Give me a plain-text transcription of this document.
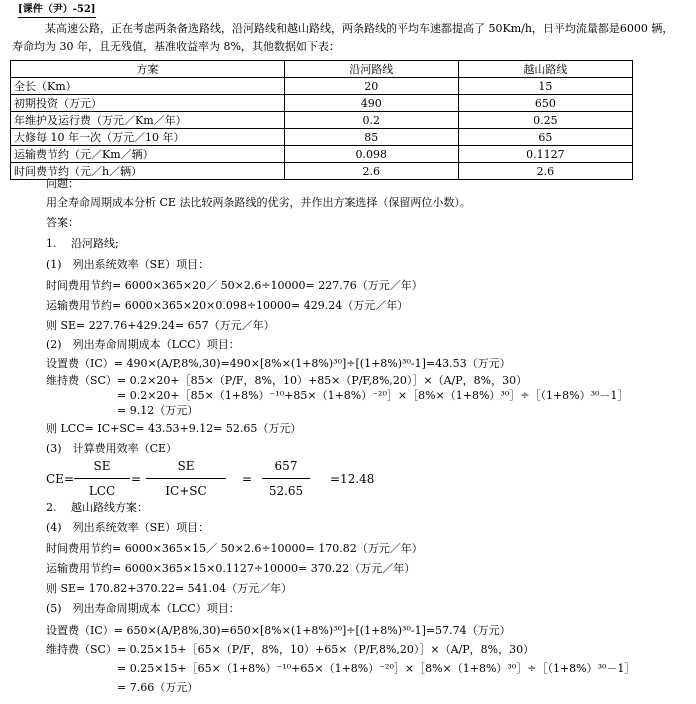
[课件（尹）-52]
某高速公路，正在考虑两条备选路线，沿河路线和越山路线，两条路线的平均车速都提高了 50Km/h，日平均流量都是6000 辆，寿命均为 30 年，且无残值，基准收益率为 8%，其他数据如下表：
方案	沿河路线	越山路线
全长（Km）	20	15
初期投资（万元）	490	650
年维护及运行费（万元／Km／年）	0.2	0.25
大修每 10 年一次（万元／10 年）	85	65
运输费节约（元／Km／辆）	0.098	0.1127
时间费节约（元／h／辆）	2.6	2.6
问题：
用全寿命周期成本分析 CE 法比较两条路线的优劣，并作出方案选择（保留两位小数）。
答案：
1.　 沿河路线;
(1)　列出系统效率（SE）项目：
时间费用节约= 6000×365×20／ 50×2.6÷10000= 227.76（万元／年）
运输费用节约= 6000×365×20×0.098÷10000= 429.24（万元／年）
则 SE= 227.76+429.24= 657（万元／年）
(2)　列出寿命周期成本（LCC）项目：
设置费（IC）= 490×(A/P,8%,30)=490×[8%×(1+8%)³⁰]÷[(1+8%)³⁰-1]=43.53（万元）
维持费（SC）= 0.2×20+［85×（P/F，8%，10）+85×（P/F,8%,20）］×（A/P，8%，30）
= 0.2×20+［85×（1+8%）⁻¹⁰+85×（1+8%）⁻²⁰］×［8%×（1+8%）³⁰］÷［（1+8%）³⁰－1］
= 9.12（万元）
则 LCC= IC+SC= 43.53+9.12= 52.65（万元）
(3)　计算费用效率（CE）
CE=
SE
LCC
=
SE
IC+SC
=
657
52.65
=12.48
2.　 越山路线方案：
(4)　列出系统效率（SE）项目：
时间费用节约= 6000×365×15／ 50×2.6÷10000= 170.82（万元／年）
运输费用节约= 6000×365×15×0.1127÷10000= 370.22（万元／年）
则 SE= 170.82+370.22= 541.04（万元／年）
(5)　列出寿命周期成本（LCC）项目：
设置费（IC）= 650×(A/P,8%,30)=650×[8%×(1+8%)³⁰]÷[(1+8%)³⁰-1]=57.74（万元）
维持费（SC）= 0.25×15+［65×（P/F，8%，10）+65×（P/F,8%,20）］×（A/P，8%，30）
= 0.25×15+［65×（1+8%）⁻¹⁰+65×（1+8%）⁻²⁰］×［8%×（1+8%）³⁰］÷［（1+8%）³⁰－1］
= 7.66（万元）
